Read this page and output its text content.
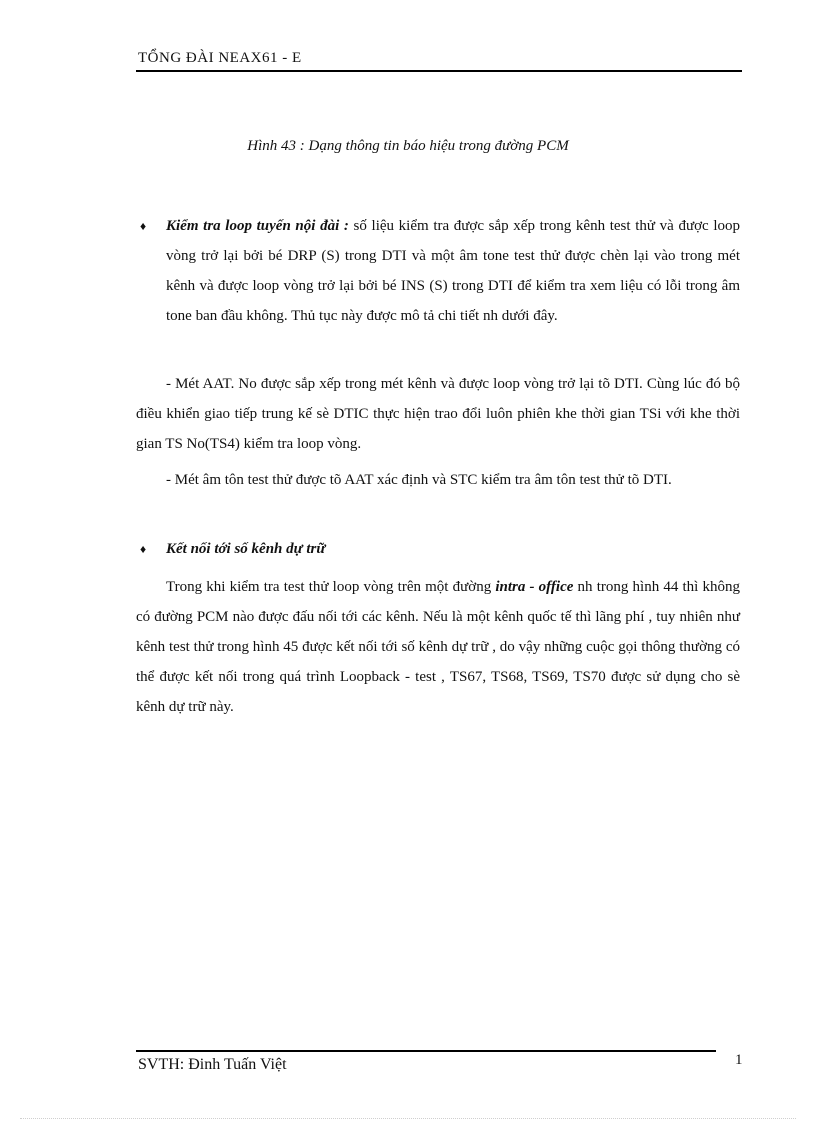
TỔNG ĐÀI NEAX61 - E
Hình 43 : Dạng thông tin báo hiệu trong đường PCM
♦ Kiểm tra loop tuyến nội đài : số liệu kiểm tra được sắp xếp trong kênh test thử và được loop vòng trở lại bởi bé DRP (S) trong DTI và một âm tone test thử được chèn lại vào trong mét kênh và được loop vòng trở lại bởi bé INS (S) trong DTI để kiểm tra xem liệu có lỗi trong âm tone ban đầu không. Thủ tục này được mô tả chi tiết nh dưới đây.
- Mét AAT. No được sắp xếp trong mét kênh và được loop vòng trở lại tõ DTI. Cùng lúc đó bộ điều khiển giao tiếp trung kế sè DTIC thực hiện trao đổi luôn phiên khe thời gian TSi với khe thời gian TS No(TS4) kiểm tra loop vòng.
- Mét âm tôn test thử được tõ AAT xác định và STC kiểm tra âm tôn test thử tõ DTI.
♦ Kết nối tới số kênh dự trữ
Trong khi kiểm tra test thử loop vòng trên một đường intra - office nh trong hình 44 thì không có đường PCM nào được đấu nối tới các kênh. Nếu là một kênh quốc tế thì lãng phí , tuy nhiên như kênh test thử trong hình 45 được kết nối tới số kênh dự trữ , do vậy những cuộc gọi thông thường có thể được kết nối trong quá trình Loopback - test , TS67, TS68, TS69, TS70 được sử dụng cho sè kênh dự trữ này.
SVTH: Đinh Tuấn Việt	1
